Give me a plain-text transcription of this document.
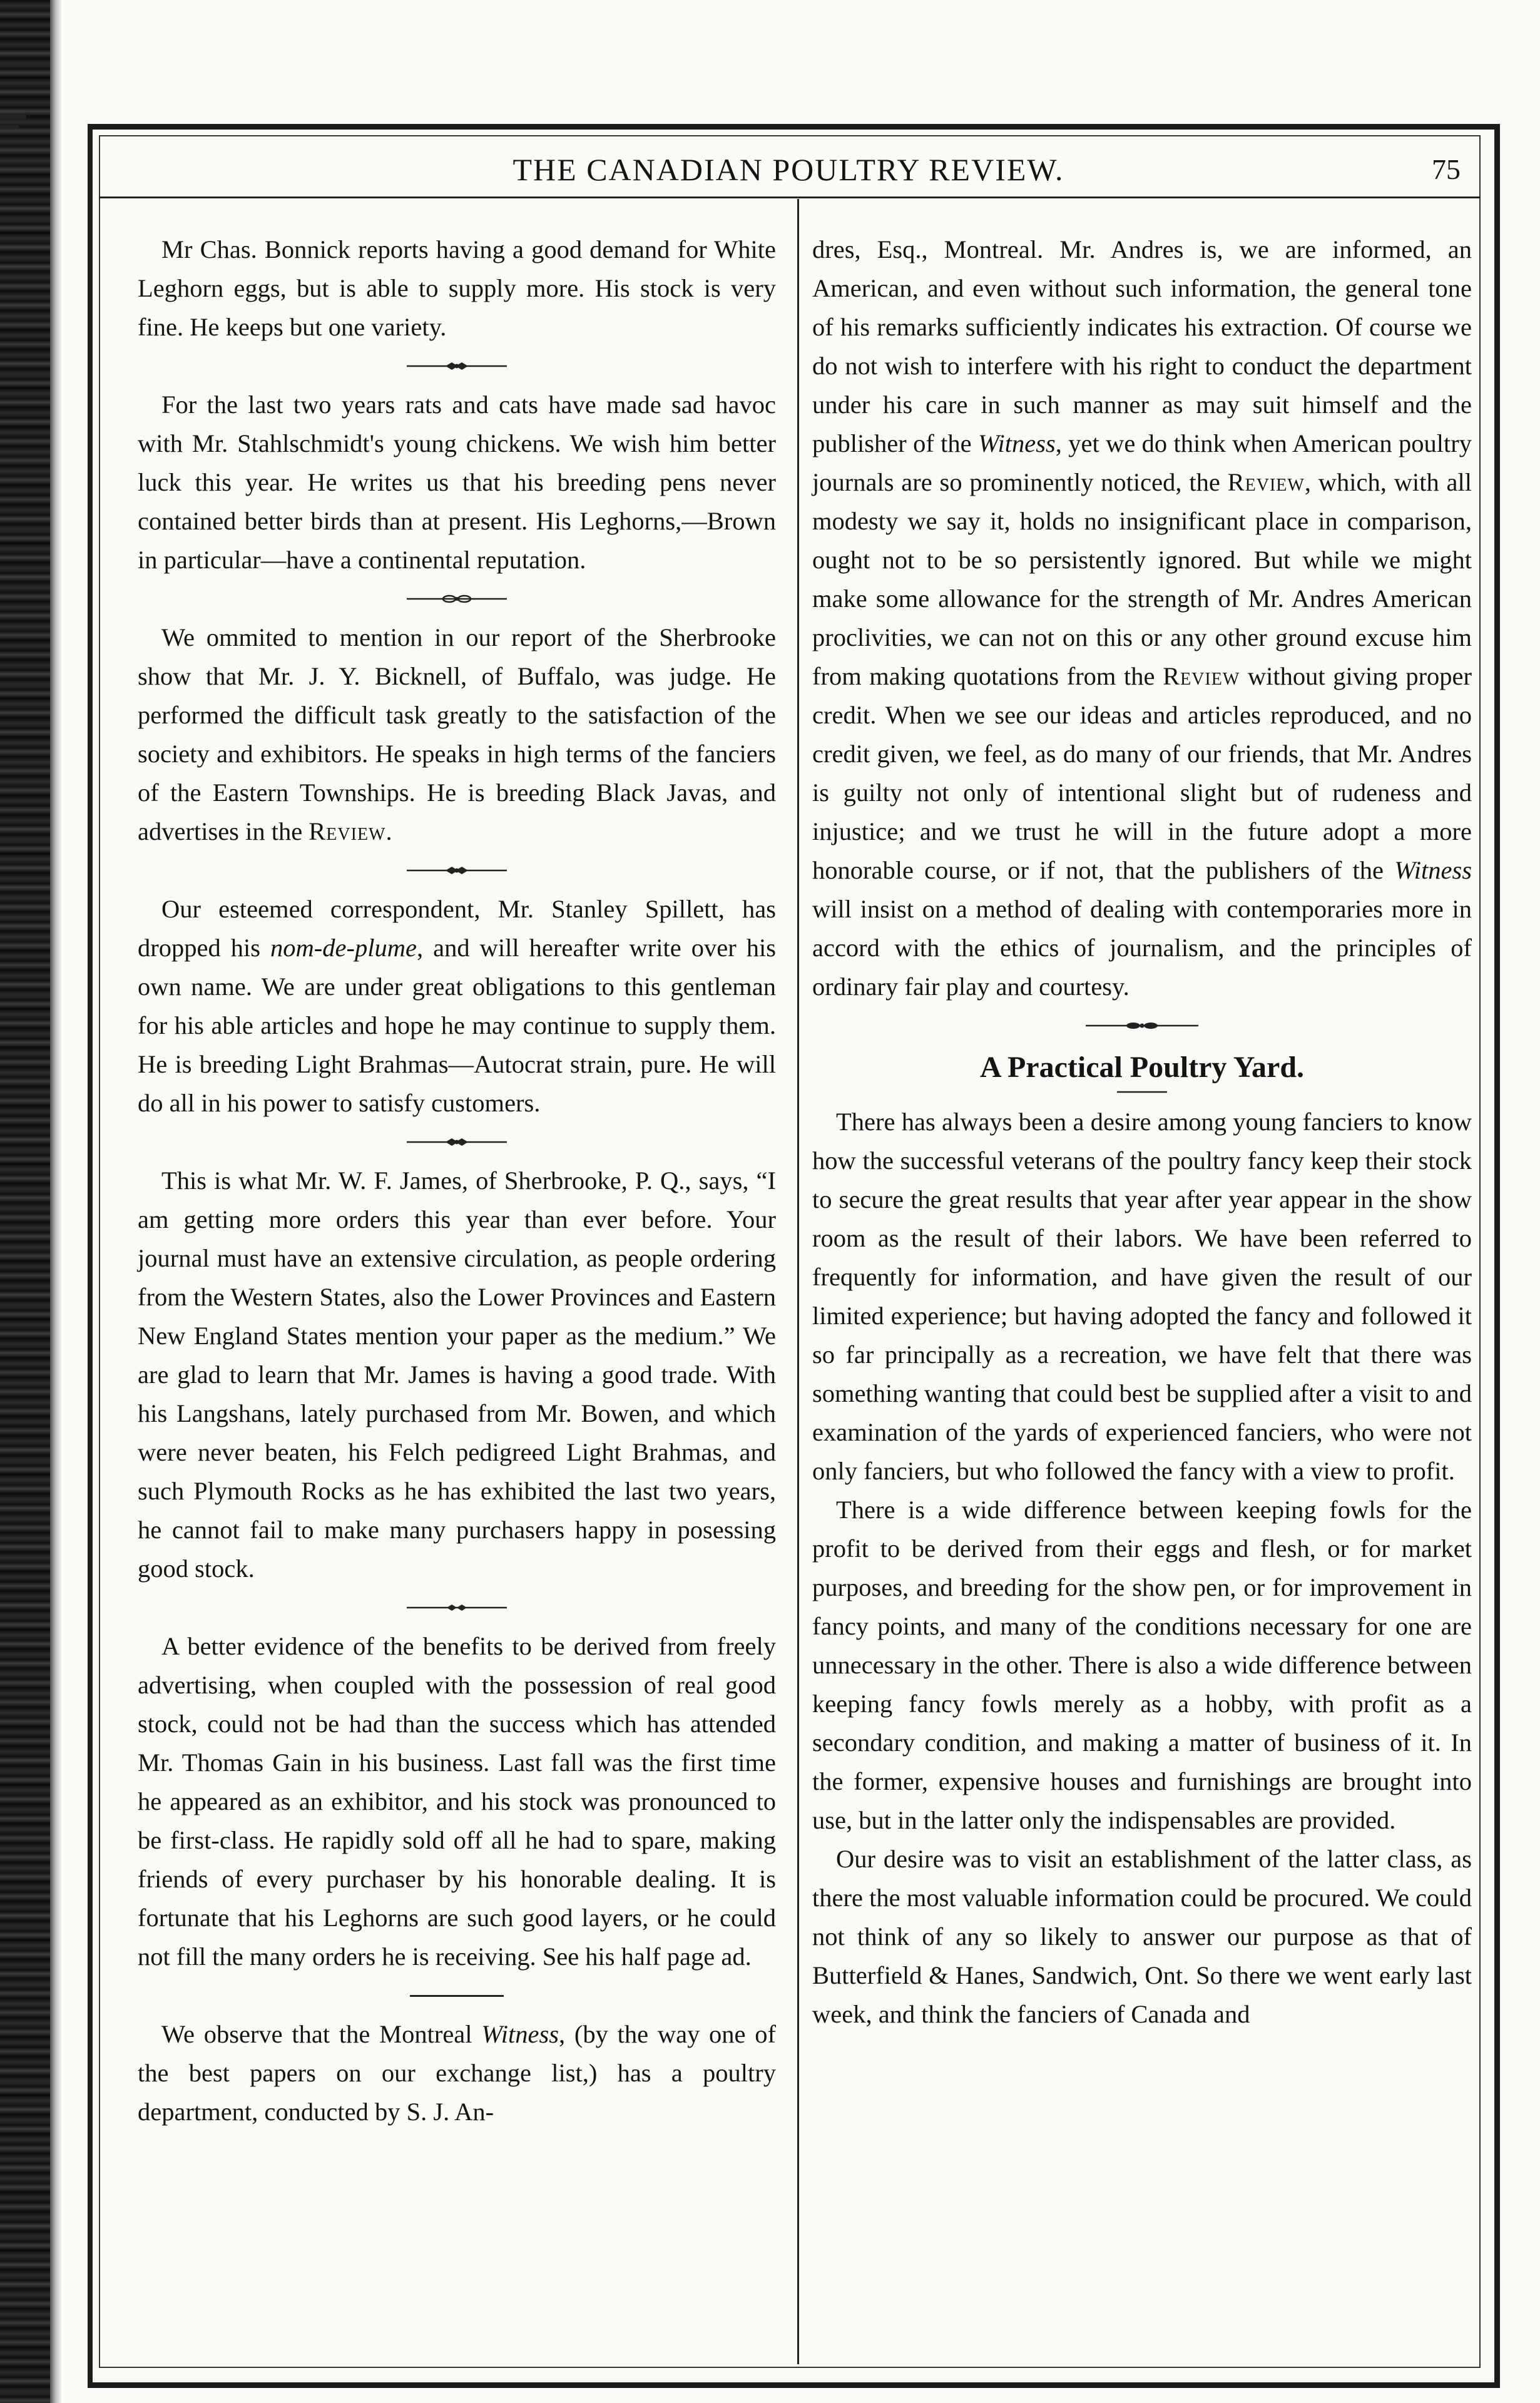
THE CANADIAN POULTRY REVIEW.	75

Mr Chas. Bonnick reports having a good demand for White Leghorn eggs, but is able to supply more. His stock is very fine. He keeps but one variety.

For the last two years rats and cats have made sad havoc with Mr. Stahlschmidt's young chickens. We wish him better luck this year. He writes us that his breeding pens never contained better birds than at present. His Leghorns,—Brown in particular—have a continental reputation.

We ommited to mention in our report of the Sherbrooke show that Mr. J. Y. Bicknell, of Buffalo, was judge. He performed the difficult task greatly to the satisfaction of the society and exhibitors. He speaks in high terms of the fanciers of the Eastern Townships. He is breeding Black Javas, and advertises in the Review.

Our esteemed correspondent, Mr. Stanley Spillett, has dropped his nom-de-plume, and will hereafter write over his own name. We are under great obligations to this gentleman for his able articles and hope he may continue to supply them. He is breeding Light Brahmas—Autocrat strain, pure. He will do all in his power to satisfy customers.

This is what Mr. W. F. James, of Sherbrooke, P. Q., says, “I am getting more orders this year than ever before. Your journal must have an extensive circulation, as people ordering from the Western States, also the Lower Provinces and Eastern New England States mention your paper as the medium.” We are glad to learn that Mr. James is having a good trade. With his Langshans, lately purchased from Mr. Bowen, and which were never beaten, his Felch pedigreed Light Brahmas, and such Plymouth Rocks as he has exhibited the last two years, he cannot fail to make many purchasers happy in posessing good stock.

A better evidence of the benefits to be derived from freely advertising, when coupled with the possession of real good stock, could not be had than the success which has attended Mr. Thomas Gain in his business. Last fall was the first time he appeared as an exhibitor, and his stock was pronounced to be first-class. He rapidly sold off all he had to spare, making friends of every purchaser by his honorable dealing. It is fortunate that his Leghorns are such good layers, or he could not fill the many orders he is receiving. See his half page ad.

We observe that the Montreal Witness, (by the way one of the best papers on our exchange list,) has a poultry department, conducted by S. J. An-

dres, Esq., Montreal. Mr. Andres is, we are informed, an American, and even without such information, the general tone of his remarks sufficiently indicates his extraction. Of course we do not wish to interfere with his right to conduct the department under his care in such manner as may suit himself and the publisher of the Witness, yet we do think when American poultry journals are so prominently noticed, the Review, which, with all modesty we say it, holds no insignificant place in comparison, ought not to be so persistently ignored. But while we might make some allowance for the strength of Mr. Andres American proclivities, we can not on this or any other ground excuse him from making quotations from the Review without giving proper credit. When we see our ideas and articles reproduced, and no credit given, we feel, as do many of our friends, that Mr. Andres is guilty not only of intentional slight but of rudeness and injustice; and we trust he will in the future adopt a more honorable course, or if not, that the publishers of the Witness will insist on a method of dealing with contemporaries more in accord with the ethics of journalism, and the principles of ordinary fair play and courtesy.

A Practical Poultry Yard.

There has always been a desire among young fanciers to know how the successful veterans of the poultry fancy keep their stock to secure the great results that year after year appear in the show room as the result of their labors. We have been referred to frequently for information, and have given the result of our limited experience; but having adopted the fancy and followed it so far principally as a recreation, we have felt that there was something wanting that could best be supplied after a visit to and examination of the yards of experienced fanciers, who were not only fanciers, but who followed the fancy with a view to profit.

There is a wide difference between keeping fowls for the profit to be derived from their eggs and flesh, or for market purposes, and breeding for the show pen, or for improvement in fancy points, and many of the conditions necessary for one are unnecessary in the other. There is also a wide difference between keeping fancy fowls merely as a hobby, with profit as a secondary condition, and making a matter of business of it. In the former, expensive houses and furnishings are brought into use, but in the latter only the indispensables are provided.

Our desire was to visit an establishment of the latter class, as there the most valuable information could be procured. We could not think of any so likely to answer our purpose as that of Butterfield & Hanes, Sandwich, Ont. So there we went early last week, and think the fanciers of Canada and
